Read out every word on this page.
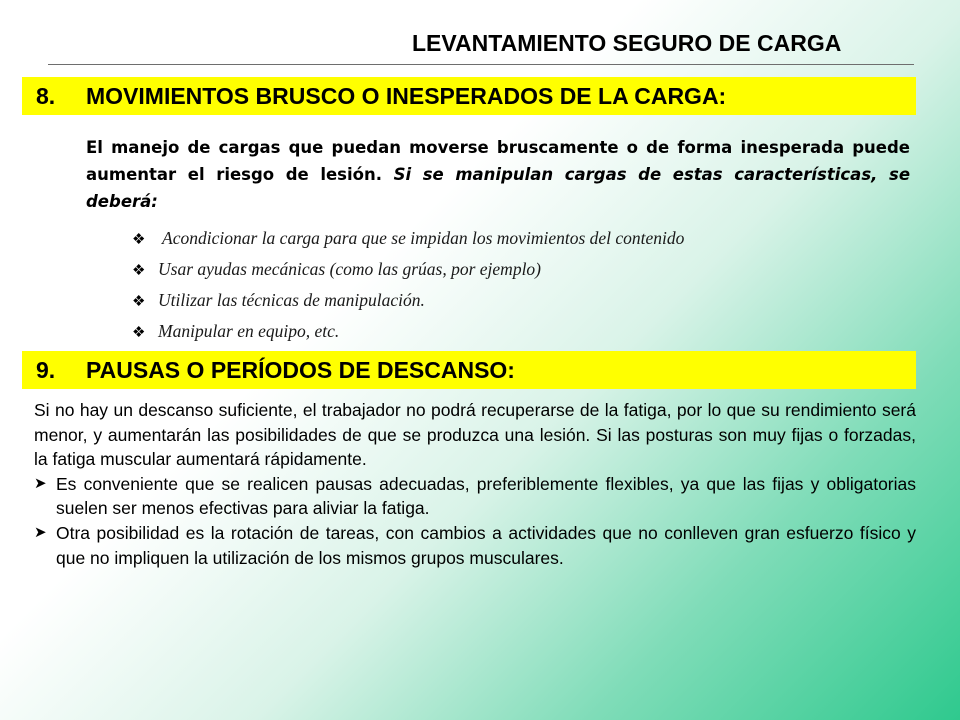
LEVANTAMIENTO SEGURO DE CARGA
8.	MOVIMIENTOS BRUSCO O INESPERADOS DE LA CARGA:
El manejo de cargas que puedan moverse bruscamente o de forma inesperada puede aumentar el riesgo de lesión. Si se manipulan cargas de estas características, se deberá:
❖ Acondicionar la carga para que se impidan los movimientos del contenido
❖ Usar ayudas mecánicas (como las grúas, por ejemplo)
❖ Utilizar las técnicas de manipulación.
❖ Manipular en equipo, etc.
9.	PAUSAS O PERÍODOS DE DESCANSO:

Si no hay un descanso suficiente, el trabajador no podrá recuperarse de la fatiga, por lo que su rendimiento será menor, y aumentarán las posibilidades de que se produzca una lesión. Si las posturas son muy fijas o forzadas, la fatiga muscular aumentará rápidamente.

➤ Es conveniente que se realicen pausas adecuadas, preferiblemente flexibles, ya que las fijas y obligatorias suelen ser menos efectivas para aliviar la fatiga.
➤ Otra posibilidad es la rotación de tareas, con cambios a actividades que no conlleven gran esfuerzo físico y que no impliquen la utilización de los mismos grupos musculares.
